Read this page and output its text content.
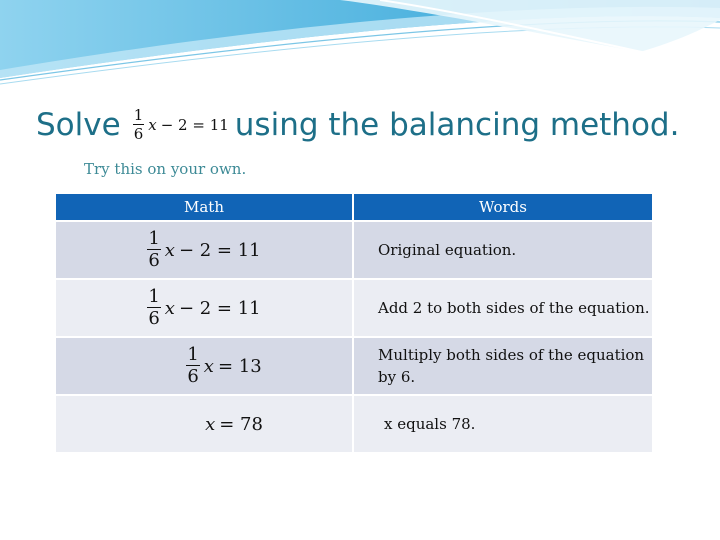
Solve $\frac{1}{6}$ x − 2 = 11 using the balancing method.
Try this on your own.
Math	Words

$\frac{1}{6}$ x − 2 = 11	Original equation.

$\frac{1}{6}$ x − 2 = 11	Add 2 to both sides of the equation.

$\frac{1}{6}$ x = 13	Multiply both sides of the equation by 6.

x = 78	x equals 78.
